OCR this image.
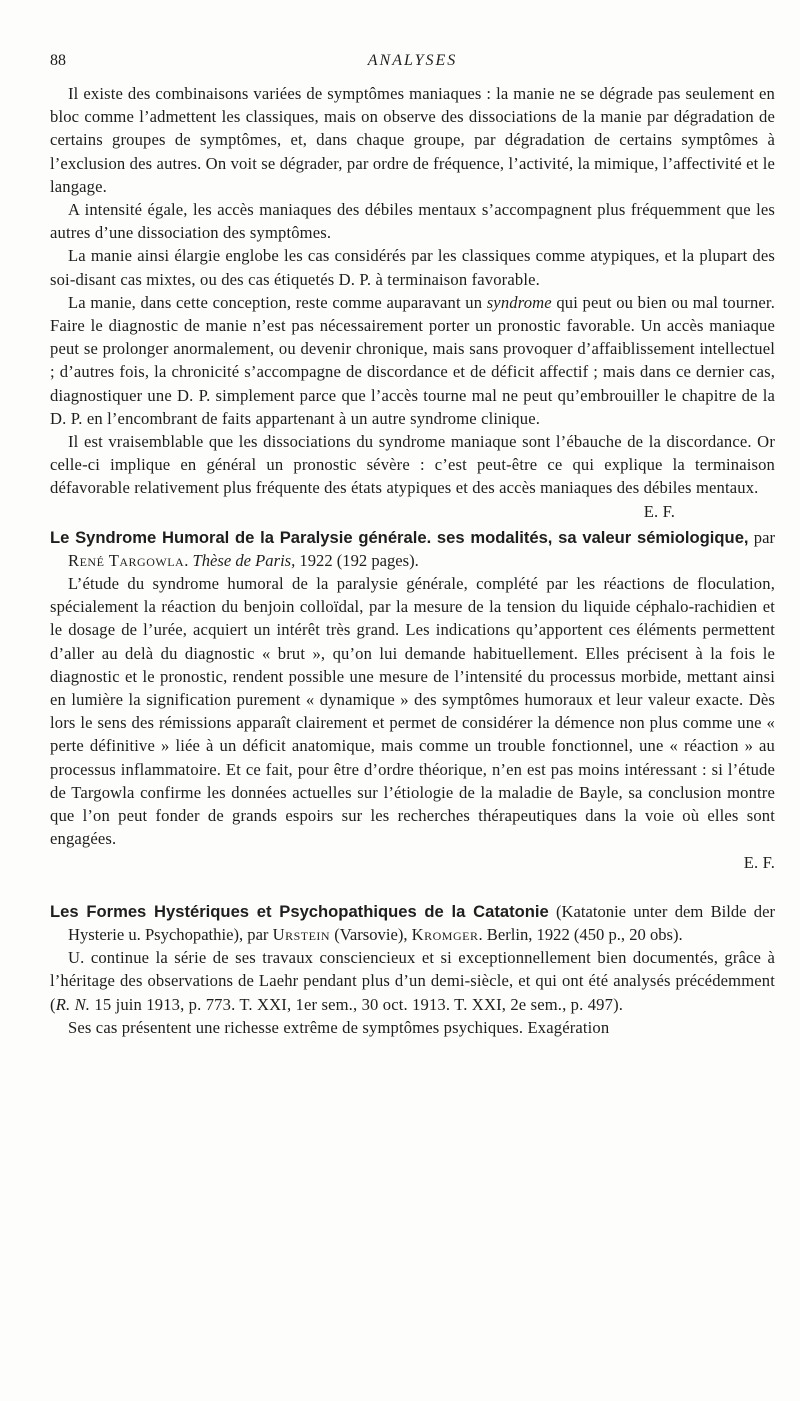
88	ANALYSES

Il existe des combinaisons variées de symptômes maniaques : la manie ne se dégrade pas seulement en bloc comme l’admettent les classiques, mais on observe des dissociations de la manie par dégradation de certains groupes de symptômes, et, dans chaque groupe, par dégradation de certains symptômes à l’exclusion des autres. On voit se dégrader, par ordre de fréquence, l’activité, la mimique, l’affectivité et le langage.

A intensité égale, les accès maniaques des débiles mentaux s’accompagnent plus fréquemment que les autres d’une dissociation des symptômes.

La manie ainsi élargie englobe les cas considérés par les classiques comme atypiques, et la plupart des soi-disant cas mixtes, ou des cas étiquetés D. P. à terminaison favorable.

La manie, dans cette conception, reste comme auparavant un syndrome qui peut ou bien ou mal tourner. Faire le diagnostic de manie n’est pas nécessairement porter un pronostic favorable. Un accès maniaque peut se prolonger anormalement, ou devenir chronique, mais sans provoquer d’affaiblissement intellectuel ; d’autres fois, la chronicité s’accompagne de discordance et de déficit affectif ; mais dans ce dernier cas, diagnostiquer une D. P. simplement parce que l’accès tourne mal ne peut qu’embrouiller le chapitre de la D. P. en l’encombrant de faits appartenant à un autre syndrome clinique.

Il est vraisemblable que les dissociations du syndrome maniaque sont l’ébauche de la discordance. Or celle-ci implique en général un pronostic sévère : c’est peut-être ce qui explique la terminaison défavorable relativement plus fréquente des états atypiques et des accès maniaques des débiles mentaux.
E. F.

Le Syndrome Humoral de la Paralysie générale. ses modalités, sa valeur sémiologique, par René Targowla. Thèse de Paris, 1922 (192 pages).

L’étude du syndrome humoral de la paralysie générale, complété par les réactions de floculation, spécialement la réaction du benjoin colloïdal, par la mesure de la tension du liquide céphalo-rachidien et le dosage de l’urée, acquiert un intérêt très grand. Les indications qu’apportent ces éléments permettent d’aller au delà du diagnostic « brut », qu’on lui demande habituellement. Elles précisent à la fois le diagnostic et le pronostic, rendent possible une mesure de l’intensité du processus morbide, mettant ainsi en lumière la signification purement « dynamique » des symptômes humoraux et leur valeur exacte. Dès lors le sens des rémissions apparaît clairement et permet de considérer la démence non plus comme une « perte définitive » liée à un déficit anatomique, mais comme un trouble fonctionnel, une « réaction » au processus inflammatoire. Et ce fait, pour être d’ordre théorique, n’en est pas moins intéressant : si l’étude de Targowla confirme les données actuelles sur l’étiologie de la maladie de Bayle, sa conclusion montre que l’on peut fonder de grands espoirs sur les recherches thérapeutiques dans la voie où elles sont engagées.

E. F.

Les Formes Hystériques et Psychopathiques de la Catatonie (Katatonie unter dem Bilde der Hysterie u. Psychopathie), par Urstein (Varsovie), Kromger. Berlin, 1922 (450 p., 20 obs).

U. continue la série de ses travaux consciencieux et si exceptionnellement bien documentés, grâce à l’héritage des observations de Laehr pendant plus d’un demi-siècle, et qui ont été analysés précédemment (R. N. 15 juin 1913, p. 773. T. XXI, 1er sem., 30 oct. 1913. T. XXI, 2e sem., p. 497).

Ses cas présentent une richesse extrême de symptômes psychiques. Exagération
